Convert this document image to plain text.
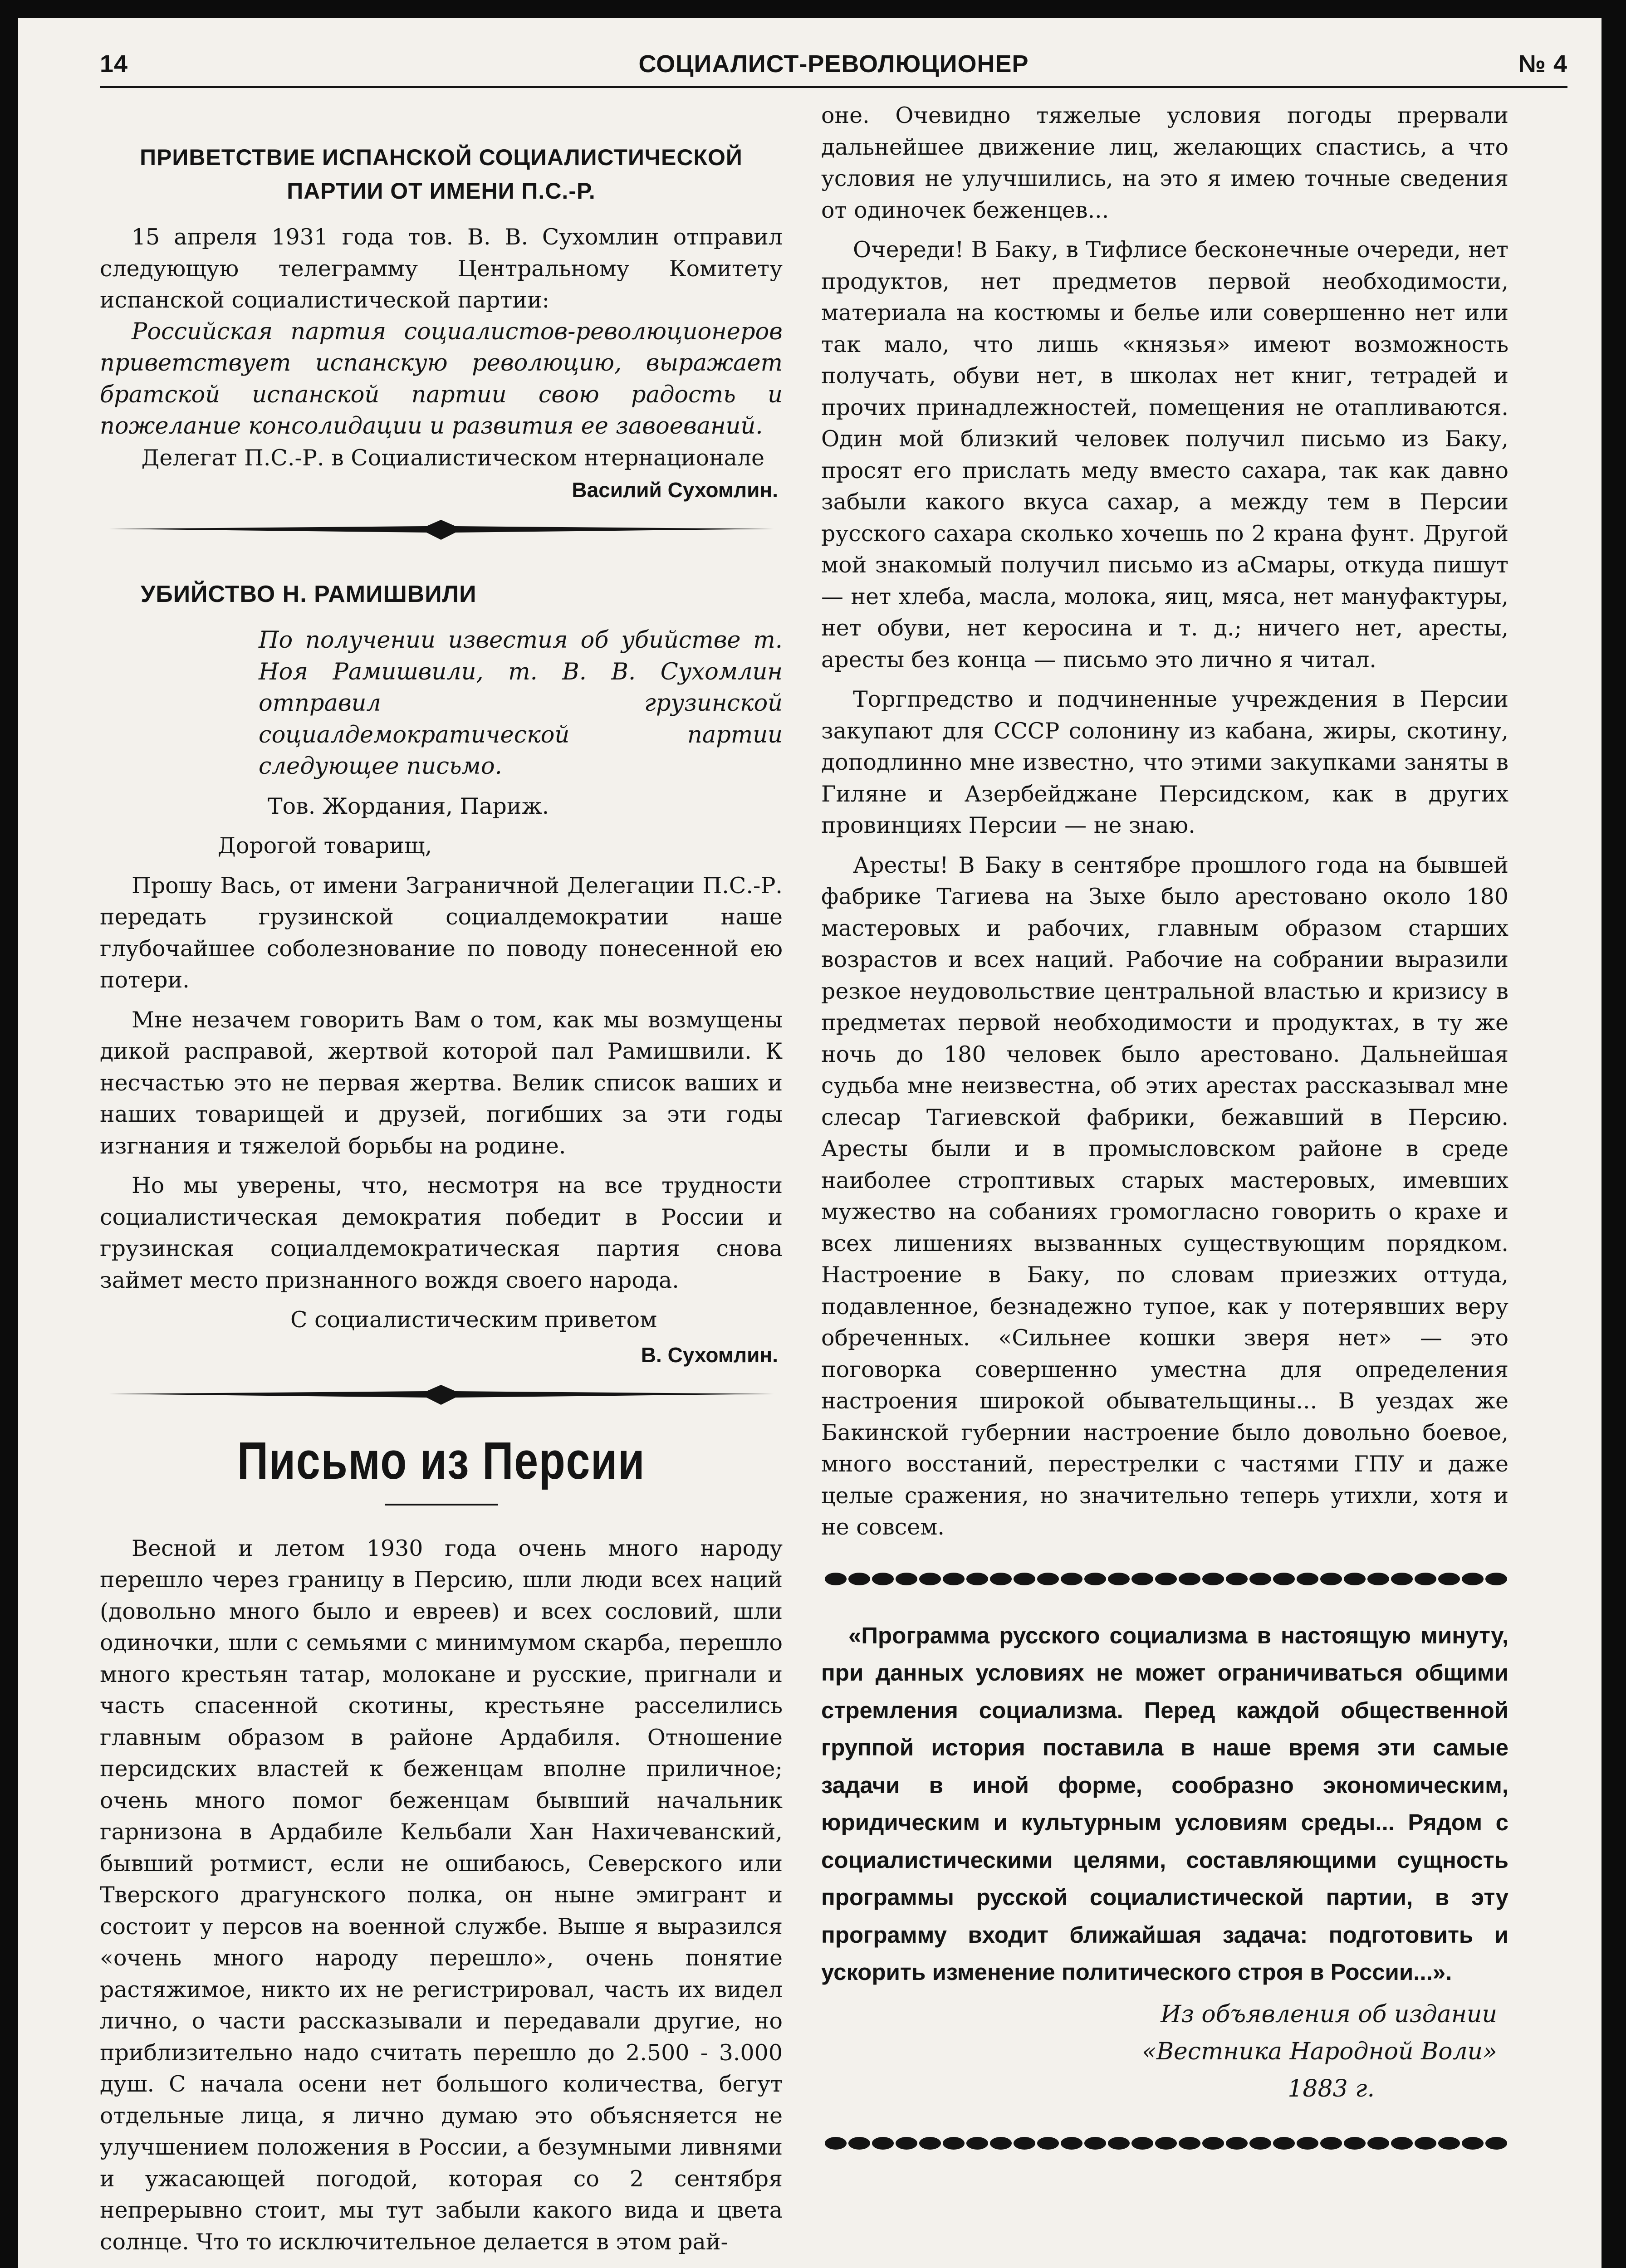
14	СОЦИАЛИСТ-РЕВОЛЮЦИОНЕР	№ 4
ПРИВЕТСТВИЕ ИСПАНСКОЙ СОЦИАЛИСТИЧЕСКОЙ
ПАРТИИ ОТ ИМЕНИ П.С.-Р.

15 апреля 1931 года тов. В. В. Сухомлин отправил следующую телеграмму Центральному Комитету испанской социалистической партии:

Российская партия социалистов-революционеров приветствует испанскую революцию, выражает братской испанской партии свою радость и пожелание консолидации и развития ее завоеваний.

Делегат П.С.-Р. в Социалистическом нтернационале

Василий Сухомлин.
УБИЙСТВО Н. РАМИШВИЛИ

По получении известия об убийстве т. Ноя Рамишвили, т. В. В. Сухомлин отправил грузинской социалдемократической партии следующее письмо.

Тов. Жордания, Париж.

Дорогой товарищ,

Прошу Вась, от имени Заграничной Делегации П.С.-Р. передать грузинской социалдемократии наше глубочайшее соболезнование по поводу понесенной ею потери.

Мне незачем говорить Вам о том, как мы возмущены дикой расправой, жертвой которой пал Рамишвили. К несчастью это не первая жертва. Велик список ваших и наших товарищей и друзей, погибших за эти годы изгнания и тяжелой борьбы на родине.

Но мы уверены, что, несмотря на все трудности социалистическая демократия победит в России и грузинская социалдемократическая партия снова займет место признанного вождя своего народа.

С социалистическим приветом

В. Сухомлин.
Письмо из Персии

Весной и летом 1930 года очень много народу перешло через границу в Персию, шли люди всех наций (довольно много было и евреев) и всех сословий, шли одиночки, шли с семьями с минимумом скарба, перешло много крестьян татар, молокане и русские, пригнали и часть спасенной скотины, крестьяне расселились главным образом в районе Ардабиля. Отношение персидских властей к беженцам вполне приличное; очень много помог беженцам бывший начальник гарнизона в Ардабиле Кельбали Хан Нахичеванский, бывший ротмист, если не ошибаюсь, Северского или Тверского драгунского полка, он ныне эмигрант и состоит у персов на военной службе. Выше я выразился «очень много народу перешло», очень понятие растяжимое, никто их не регистрировал, часть их видел лично, о части рассказывали и передавали другие, но приблизительно надо считать перешло до 2.500 - 3.000 душ. С начала осени нет большого количества, бегут отдельные лица, я лично думаю это объясняется не улучшением положения в России, а безумными ливнями и ужасающей погодой, которая со 2 сентября непрерывно стоит, мы тут забыли какого вида и цвета солнце. Что то исключительное делается в этом рай-

оне. Очевидно тяжелые условия погоды прервали дальнейшее движение лиц, желающих спастись, а что условия не улучшились, на это я имею точные сведения от одиночек беженцев...

Очереди! В Баку, в Тифлисе бесконечные очереди, нет продуктов, нет предметов первой необходимости, материала на костюмы и белье или совершенно нет или так мало, что лишь «князья» имеют возможность получать, обуви нет, в школах нет книг, тетрадей и прочих принадлежностей, помещения не отапливаются. Один мой близкий человек получил письмо из Баку, просят его прислать меду вместо сахара, так как давно забыли какого вкуса сахар, а между тем в Персии русского сахара сколько хочешь по 2 крана фунт. Другой мой знакомый получил письмо из аСмары, откуда пишут — нет хлеба, масла, молока, яиц, мяса, нет мануфактуры, нет обуви, нет керосина и т. д.; ничего нет, аресты, аресты без конца — письмо это лично я читал.

Торгпредство и подчиненные учреждения в Персии закупают для СССР солонину из кабана, жиры, скотину, доподлинно мне известно, что этими закупками заняты в Гиляне и Азербейджане Персидском, как в других провинциях Персии — не знаю.

Аресты! В Баку в сентябре прошлого года на бывшей фабрике Тагиева на Зыхе было арестовано около 180 мастеровых и рабочих, главным образом старших возрастов и всех наций. Рабочие на собрании выразили резкое неудовольствие центральной властью и кризису в предметах первой необходимости и продуктах, в ту же ночь до 180 человек было арестовано. Дальнейшая судьба мне неизвестна, об этих арестах рассказывал мне слесар Тагиевской фабрики, бежавший в Персию. Аресты были и в промысловском районе в среде наиболее строптивых старых мастеровых, имевших мужество на собаниях громогласно говорить о крахе и всех лишениях вызванных существующим порядком. Настроение в Баку, по словам приезжих оттуда, подавленное, безнадежно тупое, как у потерявших веру обреченных. «Сильнее кошки зверя нет» — это поговорка совершенно уместна для определения настроения широкой обывательщины... В уездах же Бакинской губернии настроение было довольно боевое, много восстаний, перестрелки с частями ГПУ и даже целые сражения, но значительно теперь утихли, хотя и не совсем.

«Программа русского социализма в настоящую минуту, при данных условиях не может ограничиваться общими стремления социализма. Перед каждой общественной группой история поставила в наше время эти самые задачи в иной форме, сообразно экономическим, юридическим и культурным условиям среды... Рядом с социалистическими целями, составляющими сущность программы русской социалистической партии, в эту программу входит ближайшая задача: подготовить и ускорить изменение политического строя в России...».
Из объявления об издании
«Вестника Народной Воли»
1883 г.
